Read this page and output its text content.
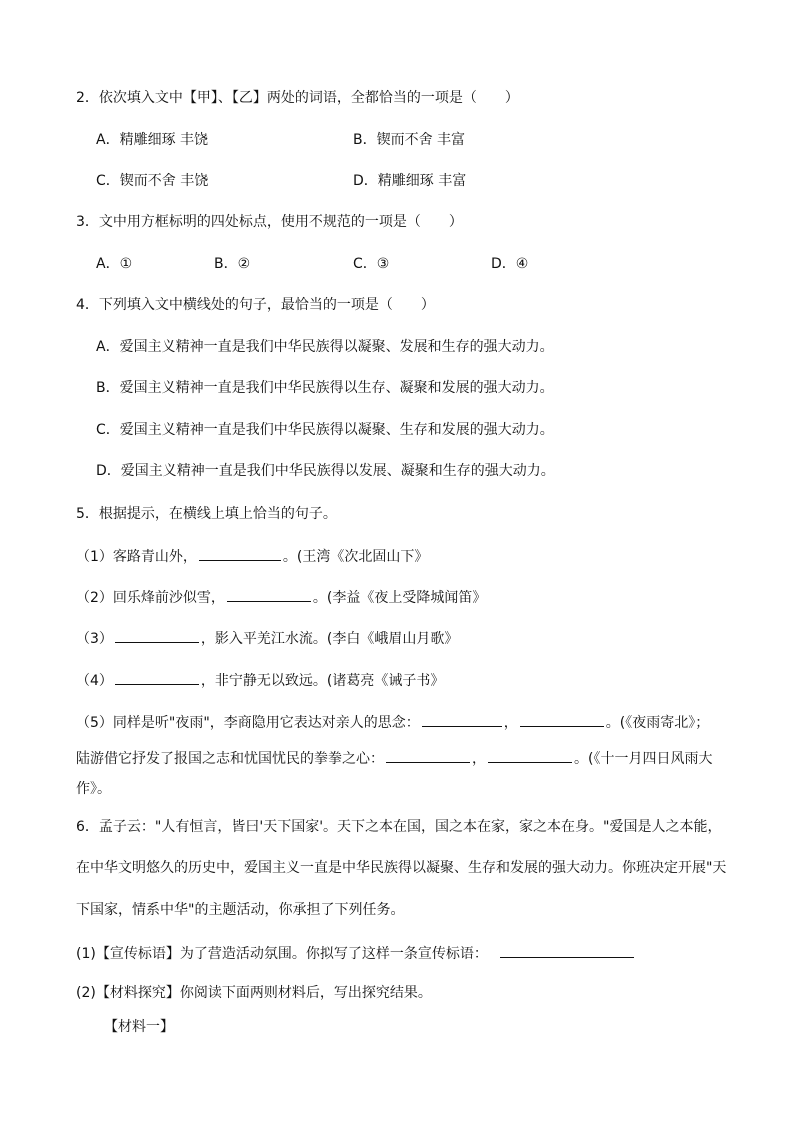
2．依次填入文中【甲】、【乙】两处的词语，全都恰当的一项是（　　）
A．精雕细琢 丰饶	B．锲而不舍 丰富
C．锲而不舍 丰饶	D．精雕细琢 丰富
3．文中用方框标明的四处标点，使用不规范的一项是（　　）
A．①	B．②	C．③	D．④
4．下列填入文中横线处的句子，最恰当的一项是（　　）
A．爱国主义精神一直是我们中华民族得以凝聚、发展和生存的强大动力。
B．爱国主义精神一直是我们中华民族得以生存、凝聚和发展的强大动力。
C．爱国主义精神一直是我们中华民族得以凝聚、生存和发展的强大动力。
D．爱国主义精神一直是我们中华民族得以发展、凝聚和生存的强大动力。
5．根据提示，在横线上填上恰当的句子。
（1）客路青山外，	。(王湾《次北固山下》
（2）回乐烽前沙似雪，	。(李益《夜上受降城闻笛》
（3）	，影入平羌江水流。(李白《峨眉山月歌》
（4）	，非宁静无以致远。(诸葛亮《诫子书》
（5）同样是听"夜雨"，李商隐用它表达对亲人的思念：	，	。(《夜雨寄北》；
陆游借它抒发了报国之志和忧国忧民的拳拳之心：	，	。(《十一月四日风雨大
作》。
6．孟子云："人有恒言，皆曰'天下国家'。天下之本在国，国之本在家，家之本在身。"爱国是人之本能，
在中华文明悠久的历史中，爱国主义一直是中华民族得以凝聚、生存和发展的强大动力。你班决定开展"天
下国家，情系中华"的主题活动，你承担了下列任务。
(1)【宣传标语】为了营造活动氛围。你拟写了这样一条宣传标语：
(2)【材料探究】你阅读下面两则材料后，写出探究结果。
【材料一】
